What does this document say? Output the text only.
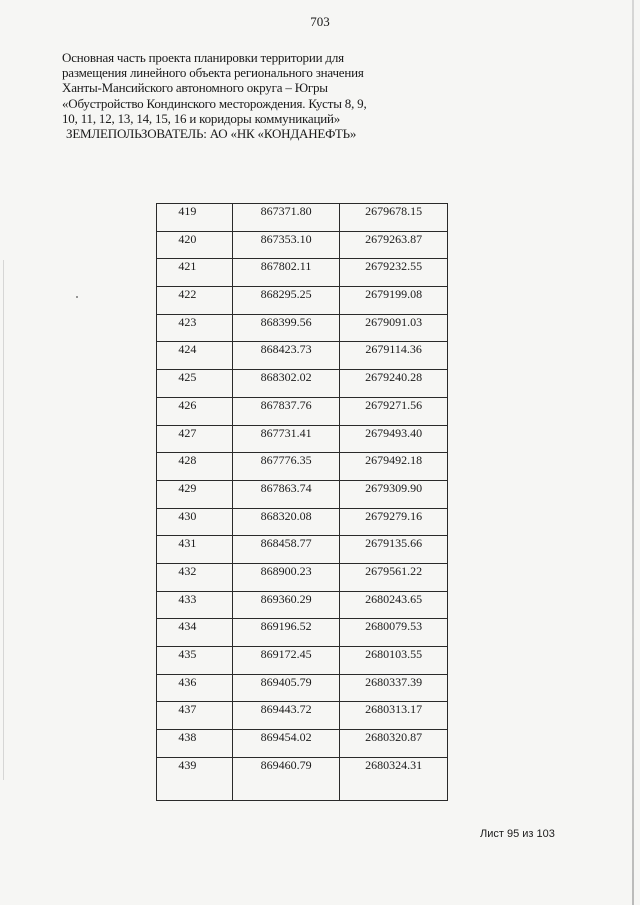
703
Основная часть проекта планировки территории для
размещения линейного объекта регионального значения
Ханты-Мансийского автономного округа – Югры
«Обустройство Кондинского месторождения. Кусты 8, 9,
10, 11, 12, 13, 14, 15, 16 и коридоры коммуникаций»
ЗЕМЛЕПОЛЬЗОВАТЕЛЬ: АО «НК «КОНДАНЕФТЬ»
419	867371.80	2679678.15
420	867353.10	2679263.87
421	867802.11	2679232.55
422	868295.25	2679199.08
423	868399.56	2679091.03
424	868423.73	2679114.36
425	868302.02	2679240.28
426	867837.76	2679271.56
427	867731.41	2679493.40
428	867776.35	2679492.18
429	867863.74	2679309.90
430	868320.08	2679279.16
431	868458.77	2679135.66
432	868900.23	2679561.22
433	869360.29	2680243.65
434	869196.52	2680079.53
435	869172.45	2680103.55
436	869405.79	2680337.39
437	869443.72	2680313.17
438	869454.02	2680320.87
439	869460.79	2680324.31
Лист 95 из 103
